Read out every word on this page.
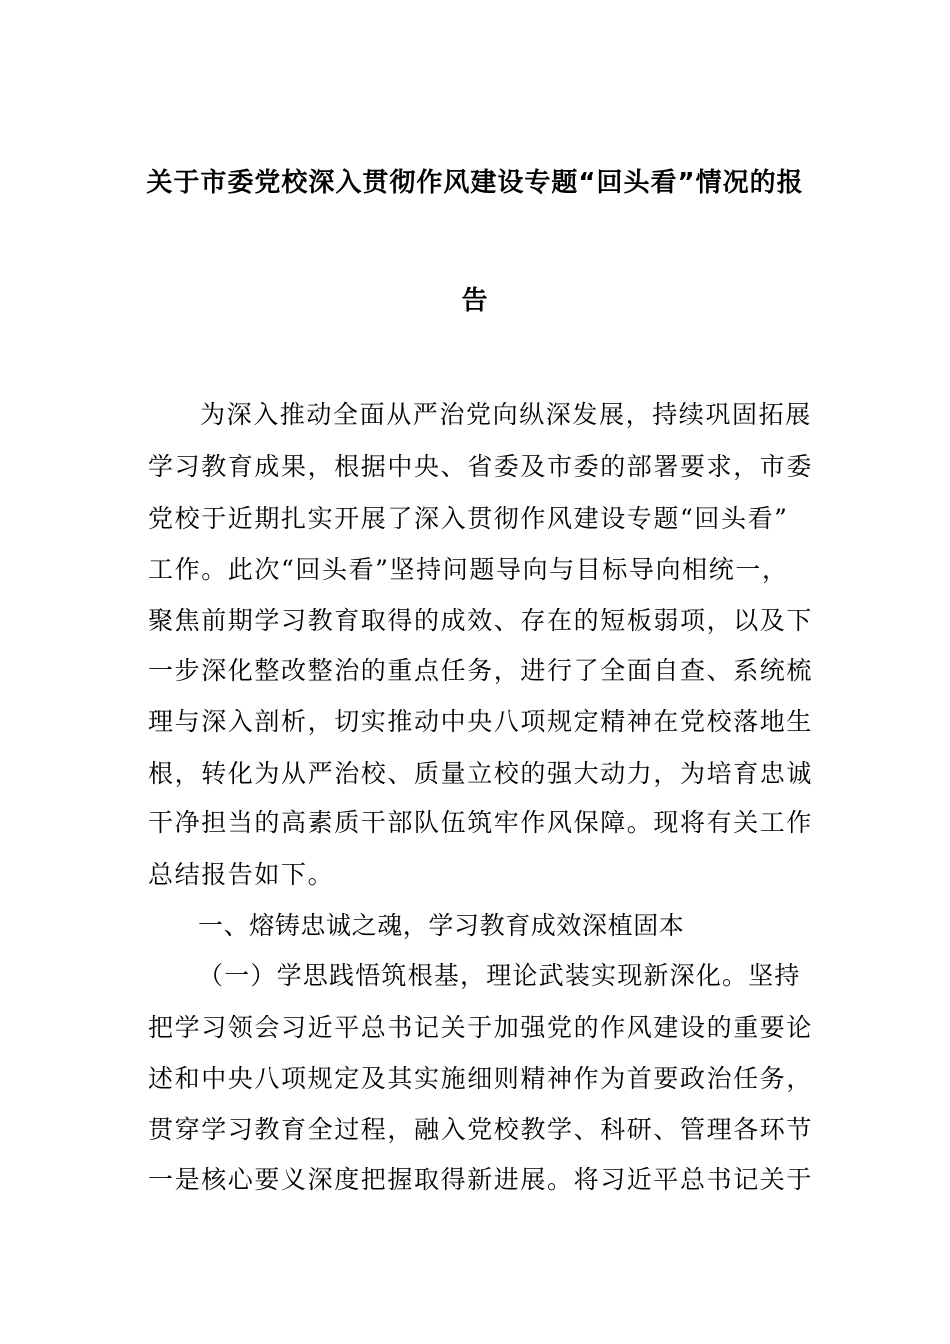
关于市委党校深入贯彻作风建设专题“回头看”情况的报
告
为深入推动全面从严治党向纵深发展，持续巩固拓展
学习教育成果，根据中央、省委及市委的部署要求，市委
党校于近期扎实开展了深入贯彻作风建设专题“回头看”
工作。此次“回头看”坚持问题导向与目标导向相统一，
聚焦前期学习教育取得的成效、存在的短板弱项，以及下
一步深化整改整治的重点任务，进行了全面自查、系统梳
理与深入剖析，切实推动中央八项规定精神在党校落地生
根，转化为从严治校、质量立校的强大动力，为培育忠诚
干净担当的高素质干部队伍筑牢作风保障。现将有关工作
总结报告如下。
一、熔铸忠诚之魂，学习教育成效深植固本
（一）学思践悟筑根基，理论武装实现新深化。坚持
把学习领会习近平总书记关于加强党的作风建设的重要论
述和中央八项规定及其实施细则精神作为首要政治任务，
贯穿学习教育全过程，融入党校教学、科研、管理各环节
一是核心要义深度把握取得新进展。将习近平总书记关于
